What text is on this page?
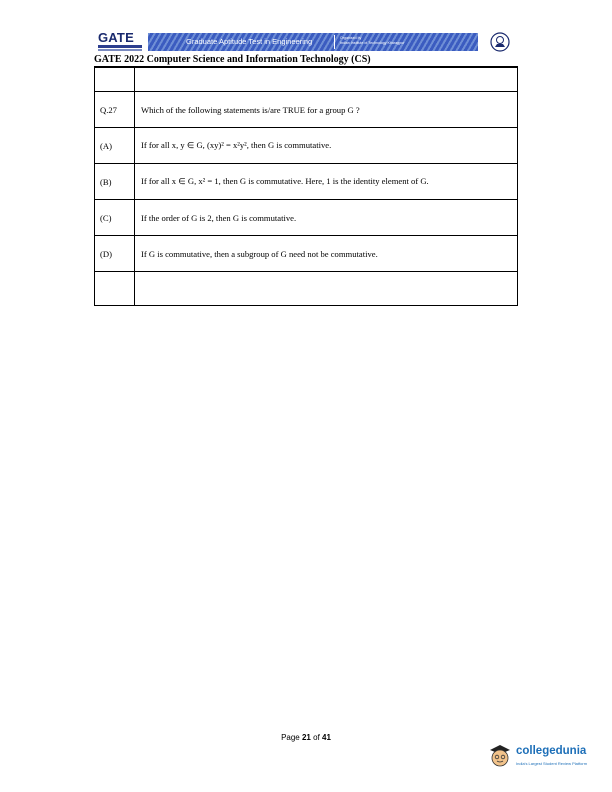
GATE	Graduate Aptitude Test in Engineering	Organised by
Indian Institute of Technology Kharagpur
GATE 2022 Computer Science and Information Technology (CS)

Q.27	Which of the following statements is/are TRUE for a group G ?
(A)	If for all x, y ∈ G, (xy)² = x²y², then G is commutative.
(B)	If for all x ∈ G, x² = 1, then G is commutative. Here, 1 is the identity element of G.
(C)	If the order of G is 2, then G is commutative.
(D)	If G is commutative, then a subgroup of G need not be commutative.

Page 21 of 41
collegedunia
India's Largest Student Review Platform
